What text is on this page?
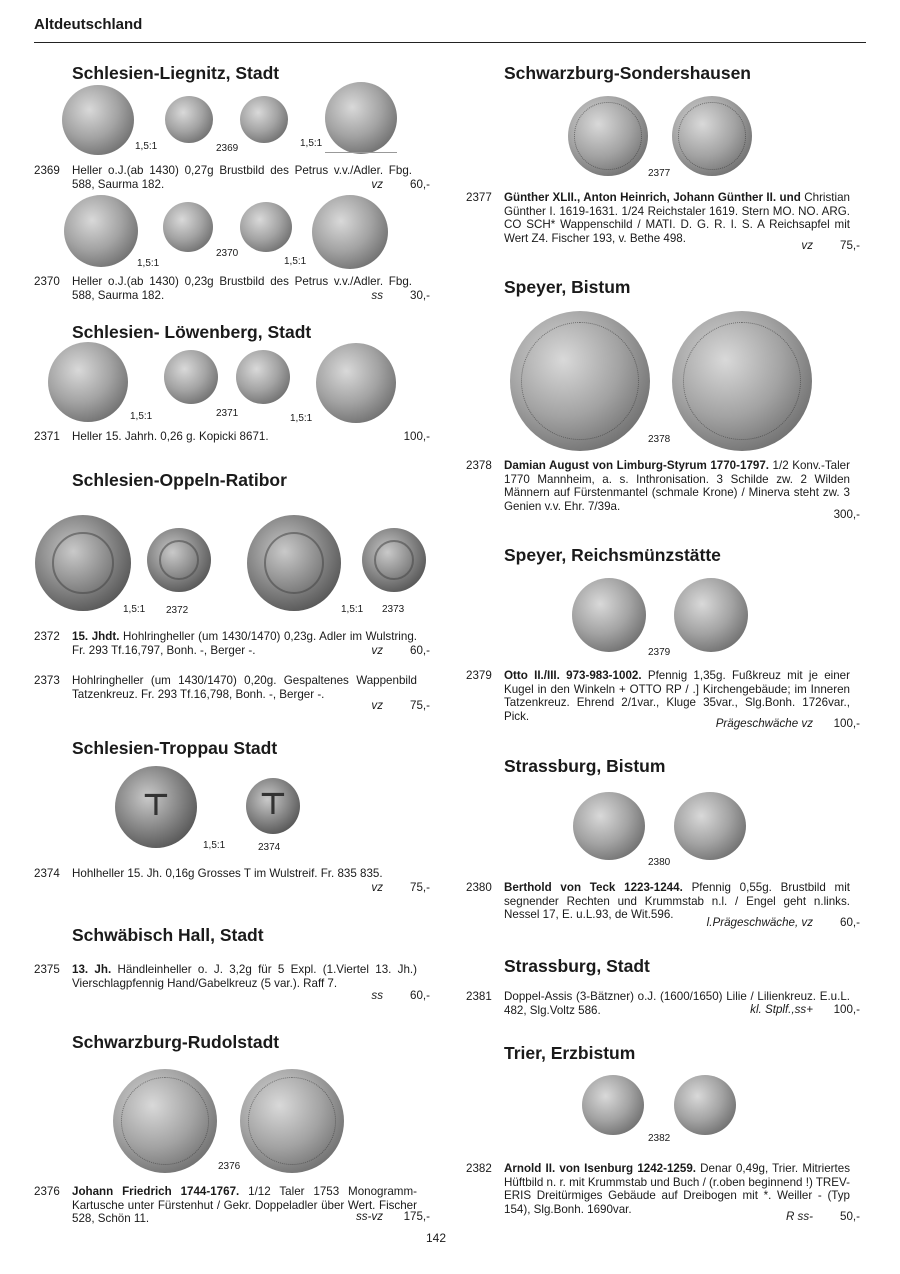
Altdeutschland
Schlesien-Liegnitz, Stadt
1,5:1	2369	1,5:1
2369 Heller o.J.(ab 1430) 0,27g Brustbild des Petrus v.v./Adler. Fbg. 588, Saurma 182.	vz	60,-
1,5:1
2370
1,5:1
2370 Heller o.J.(ab 1430) 0,23g Brustbild des Petrus v.v./Adler. Fbg. 588, Saurma 182.	ss	30,-
Schlesien- Löwenberg, Stadt
1,5:1	2371	1,5:1
2371 Heller 15. Jahrh. 0,26 g. Kopicki 8671.	100,-
Schlesien-Oppeln-Ratibor
1,5:1 2372	1,5:1 2373
2372 15. Jhdt. Hohlringheller (um 1430/1470) 0,23g. Adler im Wulstring. Fr. 293 Tf.16,797, Bonh. -, Berger -.	vz	60,-
2373 Hohlringheller (um 1430/1470) 0,20g. Gespaltenes Wappenbild Tatzenkreuz. Fr. 293 Tf.16,798, Bonh. -, Berger -.
vz	75,-
Schlesien-Troppau Stadt
⊤
⊤
1,5:1	2374
2374 Hohlheller 15. Jh. 0,16g Grosses T im Wulstreif. Fr. 835 835.
vz	75,-
Schwäbisch Hall, Stadt
2375 13. Jh. Händleinheller o. J. 3,2g für 5 Expl. (1.Viertel 13. Jh.) Vierschlagpfennig Hand/Gabelkreuz (5 var.). Raff 7.
ss	60,-
Schwarzburg-Rudolstadt
2376
2376 Johann Friedrich 1744-1767. 1/12 Taler 1753 Monogramm-Kartusche unter Fürstenhut / Gekr. Doppeladler über Wert. Fischer 528, Schön 11.	ss-vz	175,-
Schwarzburg-Sondershausen
2377
2377 Günther XLII., Anton Heinrich, Johann Günther II. und Christian Günther I. 1619-1631. 1/24 Reichstaler 1619. Stern MO. NO. ARG. CO SCH* Wappenschild / MATI. D. G. R. I. S. A Reichsapfel mit Wert Z4. Fischer 193, v. Bethe 498.
vz	75,-
Speyer, Bistum
2378
2378 Damian August von Limburg-Styrum 1770-1797. 1/2 Konv.-Taler 1770 Mannheim, a. s. Inthronisation. 3 Schilde zw. 2 Wilden Männern auf Fürstenmantel (schmale Krone) / Minerva steht zw. 3 Genien v.v. Ehr. 7/39a.
300,-
Speyer, Reichsmünzstätte
2379
2379 Otto II./III. 973-983-1002. Pfennig 1,35g. Fußkreuz mit je einer Kugel in den Winkeln + OTTO RP / .] Kirchengebäude; im Inneren Tatzenkreuz. Ehrend 2/1var., Kluge 35var., Slg.Bonh. 1726var., Pick.
Prägeschwäche vz	100,-
Strassburg, Bistum
2380
2380 Berthold von Teck 1223-1244. Pfennig 0,55g. Brustbild mit segnender Rechten und Krummstab n.l. / Engel geht n.links. Nessel 17, E. u.L.93, de Wit.596.
l.Prägeschwäche, vz	60,-
Strassburg, Stadt
2381 Doppel-Assis (3-Bätzner) o.J. (1600/1650) Lilie / Lilienkreuz. E.u.L. 482, Slg.Voltz 586.	kl. Stplf.,ss+	100,-
Trier, Erzbistum
2382
2382 Arnold II. von Isenburg 1242-1259. Denar 0,49g, Trier. Mitriertes Hüftbild n. r. mit Krummstab und Buch / (r.oben beginnend !) TREV-ERIS Dreitürmiges Gebäude auf Dreibogen mit *. Weiller - (Typ 154), Slg.Bonh. 1690var.
R ss-	50,-
142
